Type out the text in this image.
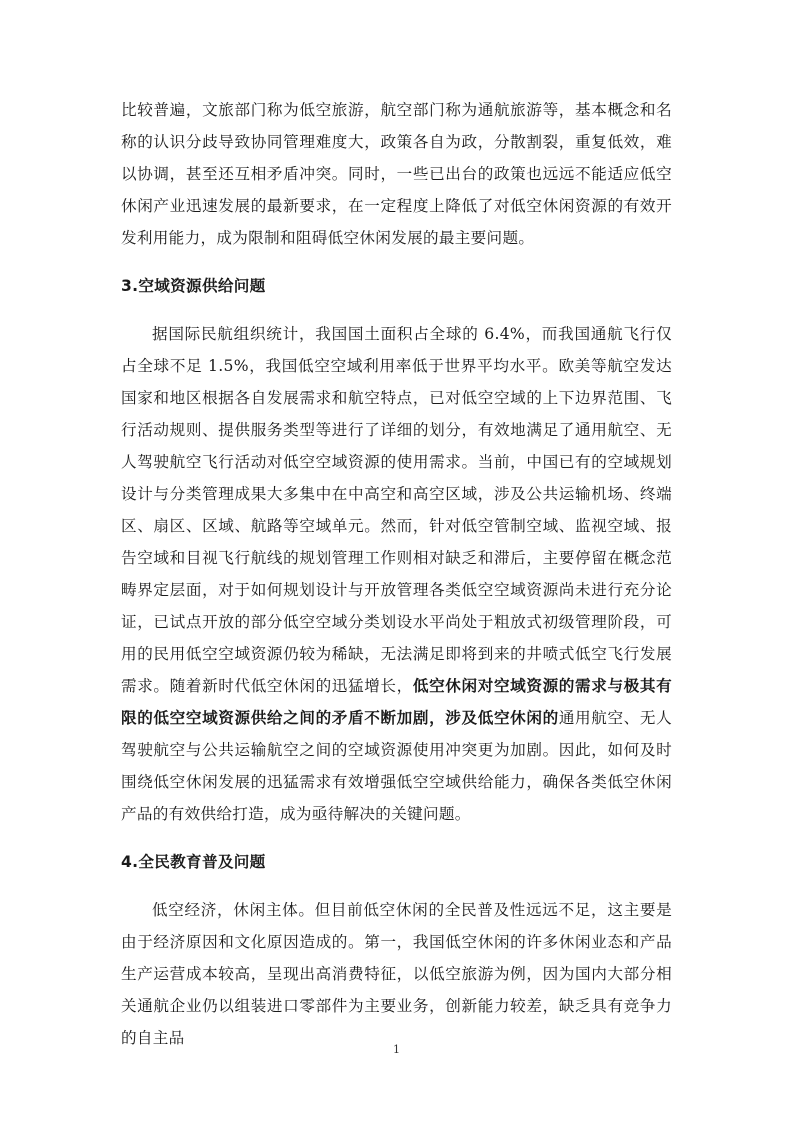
比较普遍，文旅部门称为低空旅游，航空部门称为通航旅游等，基本概念和名称的认识分歧导致协同管理难度大，政策各自为政，分散割裂，重复低效，难以协调，甚至还互相矛盾冲突。同时，一些已出台的政策也远远不能适应低空休闲产业迅速发展的最新要求，在一定程度上降低了对低空休闲资源的有效开发利用能力，成为限制和阻碍低空休闲发展的最主要问题。

3.空域资源供给问题

据国际民航组织统计，我国国土面积占全球的 6.4%，而我国通航飞行仅占全球不足 1.5%，我国低空空域利用率低于世界平均水平。欧美等航空发达国家和地区根据各自发展需求和航空特点，已对低空空域的上下边界范围、飞行活动规则、提供服务类型等进行了详细的划分，有效地满足了通用航空、无人驾驶航空飞行活动对低空空域资源的使用需求。当前，中国已有的空域规划设计与分类管理成果大多集中在中高空和高空区域，涉及公共运输机场、终端区、扇区、区域、航路等空域单元。然而，针对低空管制空域、监视空域、报告空域和目视飞行航线的规划管理工作则相对缺乏和滞后，主要停留在概念范畴界定层面，对于如何规划设计与开放管理各类低空空域资源尚未进行充分论证，已试点开放的部分低空空域分类划设水平尚处于粗放式初级管理阶段，可用的民用低空空域资源仍较为稀缺，无法满足即将到来的井喷式低空飞行发展需求。随着新时代低空休闲的迅猛增长，低空休闲对空域资源的需求与极其有限的低空空域资源供给之间的矛盾不断加剧，涉及低空休闲的通用航空、无人驾驶航空与公共运输航空之间的空域资源使用冲突更为加剧。因此，如何及时围绕低空休闲发展的迅猛需求有效增强低空空域供给能力，确保各类低空休闲产品的有效供给打造，成为亟待解决的关键问题。

4.全民教育普及问题

低空经济，休闲主体。但目前低空休闲的全民普及性远远不足，这主要是由于经济原因和文化原因造成的。第一，我国低空休闲的许多休闲业态和产品生产运营成本较高，呈现出高消费特征，以低空旅游为例，因为国内大部分相关通航企业仍以组装进口零部件为主要业务，创新能力较差，缺乏具有竞争力的自主品

1
